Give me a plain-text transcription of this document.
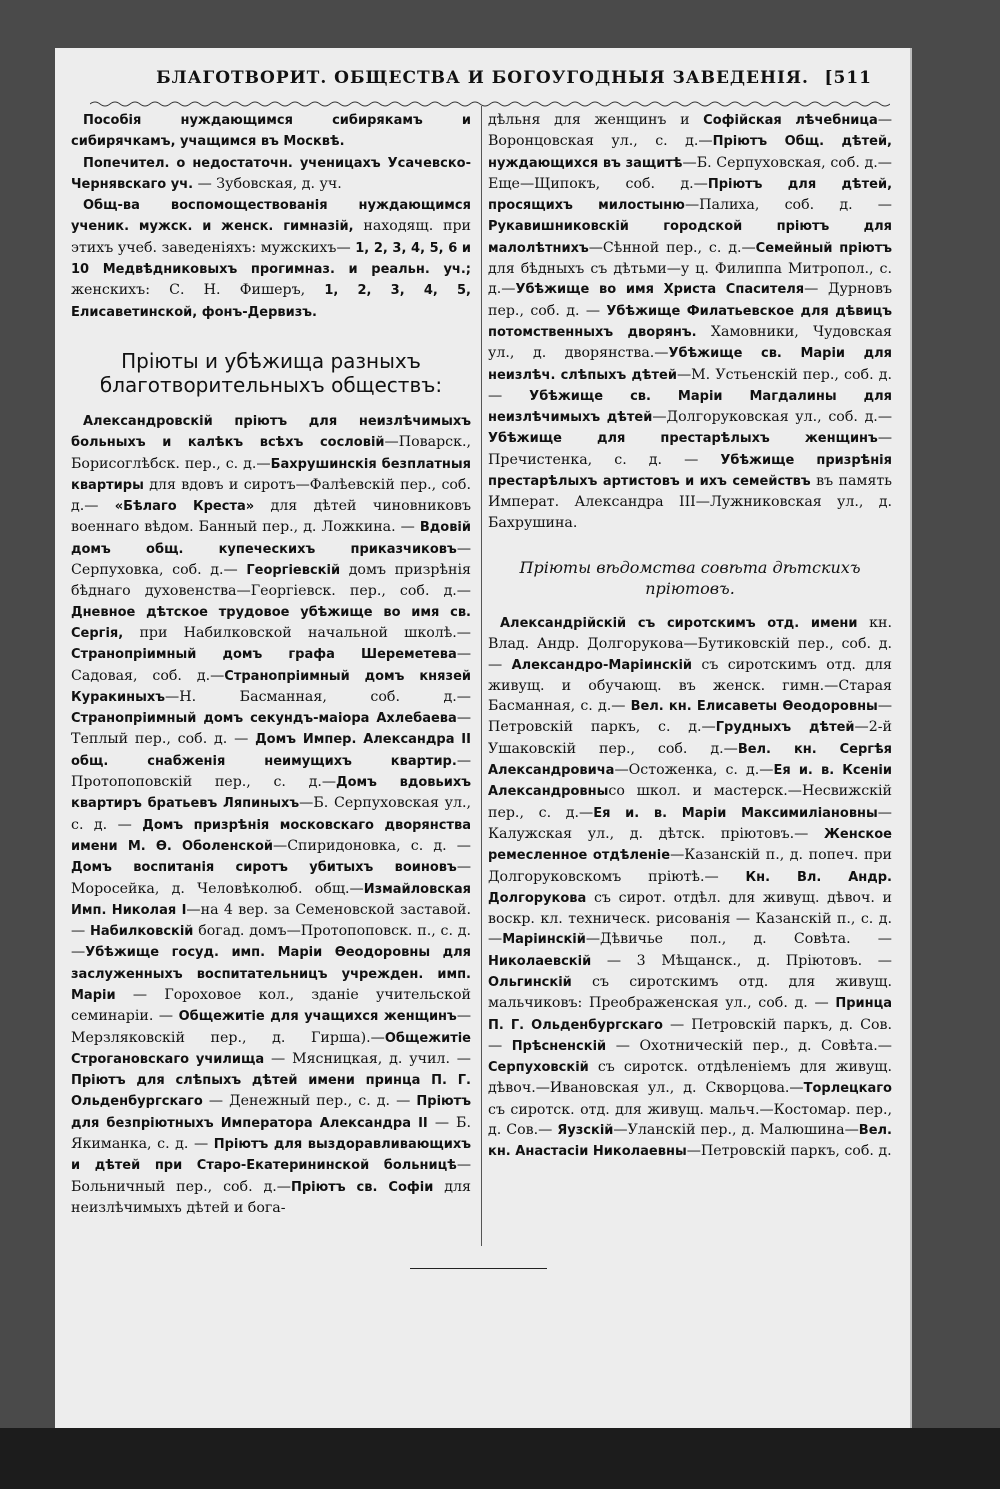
БЛАГОТВОРИТ. ОБЩЕСТВА И БОГОУГОДНЫЯ ЗАВЕДЕНІЯ. [511

Пособія нуждающимся сибирякамъ и сибирячкамъ, учащимся въ Москвѣ.

Попечител. о недостаточн. ученицахъ Усачевско-Чернявскаго уч. — Зубовская, д. уч.

Общ-ва воспомоществованія нуждающимся ученик. мужск. и женск. гимназій, находящ. при этихъ учеб. заведеніяхъ: мужскихъ— 1, 2, 3, 4, 5, 6 и 10 Медвѣдниковыхъ прогимназ. и реальн. уч.; женскихъ: С. Н. Фишеръ, 1, 2, 3, 4, 5, Елисаветинской, фонъ-Дервизъ.

Пріюты и убѣжища разныхъ благотворительныхъ обществъ:

Александровскій пріютъ для неизлѣчимыхъ больныхъ и калѣкъ всѣхъ сословій—Поварск., Борисоглѣбск. пер., с. д.—Бахрушинскія безплатныя квартиры для вдовъ и сиротъ—Фалѣевскій пер., соб. д.— «Бѣлаго Креста» для дѣтей чиновниковъ военнаго вѣдом. Банный пер., д. Ложкина. — Вдовій домъ общ. купеческихъ приказчиковъ—Серпуховка, соб. д.— Георгіевскій домъ призрѣнія бѣднаго духовенства—Георгіевск. пер., соб. д.—Дневное дѣтское трудовое убѣжище во имя св. Сергія, при Набилковской начальной школѣ.—Странопріимный домъ графа Шереметева—Садовая, соб. д.—Странопріимный домъ князей Куракиныхъ—Н. Басманная, соб. д.—Странопріимный домъ секундъ-маіора Ахлебаева—Теплый пер., соб. д. — Домъ Импер. Александра II общ. снабженія неимущихъ квартир.—Протопоповскій пер., с. д.—Домъ вдовьихъ квартиръ братьевъ Ляпиныхъ—Б. Серпуховская ул., с. д. — Домъ призрѣнія московскаго дворянства имени М. Ѳ. Оболенской—Спиридоновка, с. д. — Домъ воспитанія сиротъ убитыхъ воиновъ—Моросейка, д. Человѣколюб. общ.—Измайловская Имп. Николая I—на 4 вер. за Семеновской заставой. — Набилковскій богад. домъ—Протопоповск. п., с. д.—Убѣжище госуд. имп. Маріи Ѳеодоровны для заслуженныхъ воспитательницъ учрежден. имп. Маріи — Гороховое кол., зданіе учительской семинаріи. — Общежитіе для учащихся женщинъ—Мерзляковскій пер., д. Гирша).—Общежитіе Строгановскаго училища — Мясницкая, д. учил. — Пріютъ для слѣпыхъ дѣтей имени принца П. Г. Ольденбургскаго — Денежный пер., с. д. — Пріютъ для безпріютныхъ Императора Александра II — Б. Якиманка, с. д. — Пріютъ для выздоравливающихъ и дѣтей при Старо-Екатерининской больницѣ—Больничный пер., соб. д.—Пріютъ св. Софіи для неизлѣчимыхъ дѣтей и бога-

дѣльня для женщинъ и Софійская лѣчебница—Воронцовская ул., с. д.—Пріютъ Общ. дѣтей, нуждающихся въ защитѣ—Б. Серпуховская, соб. д.—Еще—Щипокъ, соб. д.—Пріютъ для дѣтей, просящихъ милостыню—Палиха, соб. д. — Рукавишниковскій городской пріютъ для малолѣтнихъ—Сѣнной пер., с. д.—Семейный пріютъ для бѣдныхъ съ дѣтьми—у ц. Филиппа Митропол., с. д.—Убѣжище во имя Христа Спасителя— Дурновъ пер., соб. д. — Убѣжище Филатьевское для дѣвицъ потомственныхъ дворянъ. Хамовники, Чудовская ул., д. дворянства.—Убѣжище св. Маріи для неизлѣч. слѣпыхъ дѣтей—М. Устьенскій пер., соб. д.— Убѣжище св. Маріи Магдалины для неизлѣчимыхъ дѣтей—Долгоруковская ул., соб. д.— Убѣжище для престарѣлыхъ женщинъ—Пречистенка, с. д. — Убѣжище призрѣнія престарѣлыхъ артистовъ и ихъ семействъ въ память Императ. Александра III—Лужниковская ул., д. Бахрушина.

Пріюты вѣдомства совѣта дѣтскихъ пріютовъ.

Александрійскій съ сиротскимъ отд. имени кн. Влад. Андр. Долгорукова—Бутиковскій пер., соб. д. — Александро-Маріинскій съ сиротскимъ отд. для живущ. и обучающ. въ женск. гимн.—Старая Басманная, с. д.— Вел. кн. Елисаветы Ѳеодоровны—Петровскій паркъ, с. д.—Грудныхъ дѣтей—2-й Ушаковскій пер., соб. д.—Вел. кн. Сергѣя Александровича—Остоженка, с. д.—Ея и. в. Ксеніи Александровнысо школ. и мастерск.—Несвижскій пер., с. д.—Ея и. в. Маріи Максимиліановны—Калужская ул., д. дѣтск. пріютовъ.— Женское ремесленное отдѣленіе—Казанскій п., д. попеч. при Долгоруковскомъ пріютѣ.— Кн. Вл. Андр. Долгорукова съ сирот. отдѣл. для живущ. дѣвоч. и воскр. кл. техническ. рисованія — Казанскій п., с. д.—Маріинскій—Дѣвичье пол., д. Совѣта. — Николаевскій — 3 Мѣщанск., д. Пріютовъ. — Ольгинскій съ сиротскимъ отд. для живущ. мальчиковъ: Преображенская ул., соб. д. — Принца П. Г. Ольденбургскаго — Петровскій паркъ, д. Сов. — Прѣсненскій — Охотническій пер., д. Совѣта.—Серпуховскій съ сиротск. отдѣленіемъ для живущ. дѣвоч.—Ивановская ул., д. Скворцова.—Торлецкаго съ сиротск. отд. для живущ. мальч.—Костомар. пер., д. Сов.— Яузскій—Уланскій пер., д. Малюшина—Вел. кн. Анастасіи Николаевны—Петровскій паркъ, соб. д.
